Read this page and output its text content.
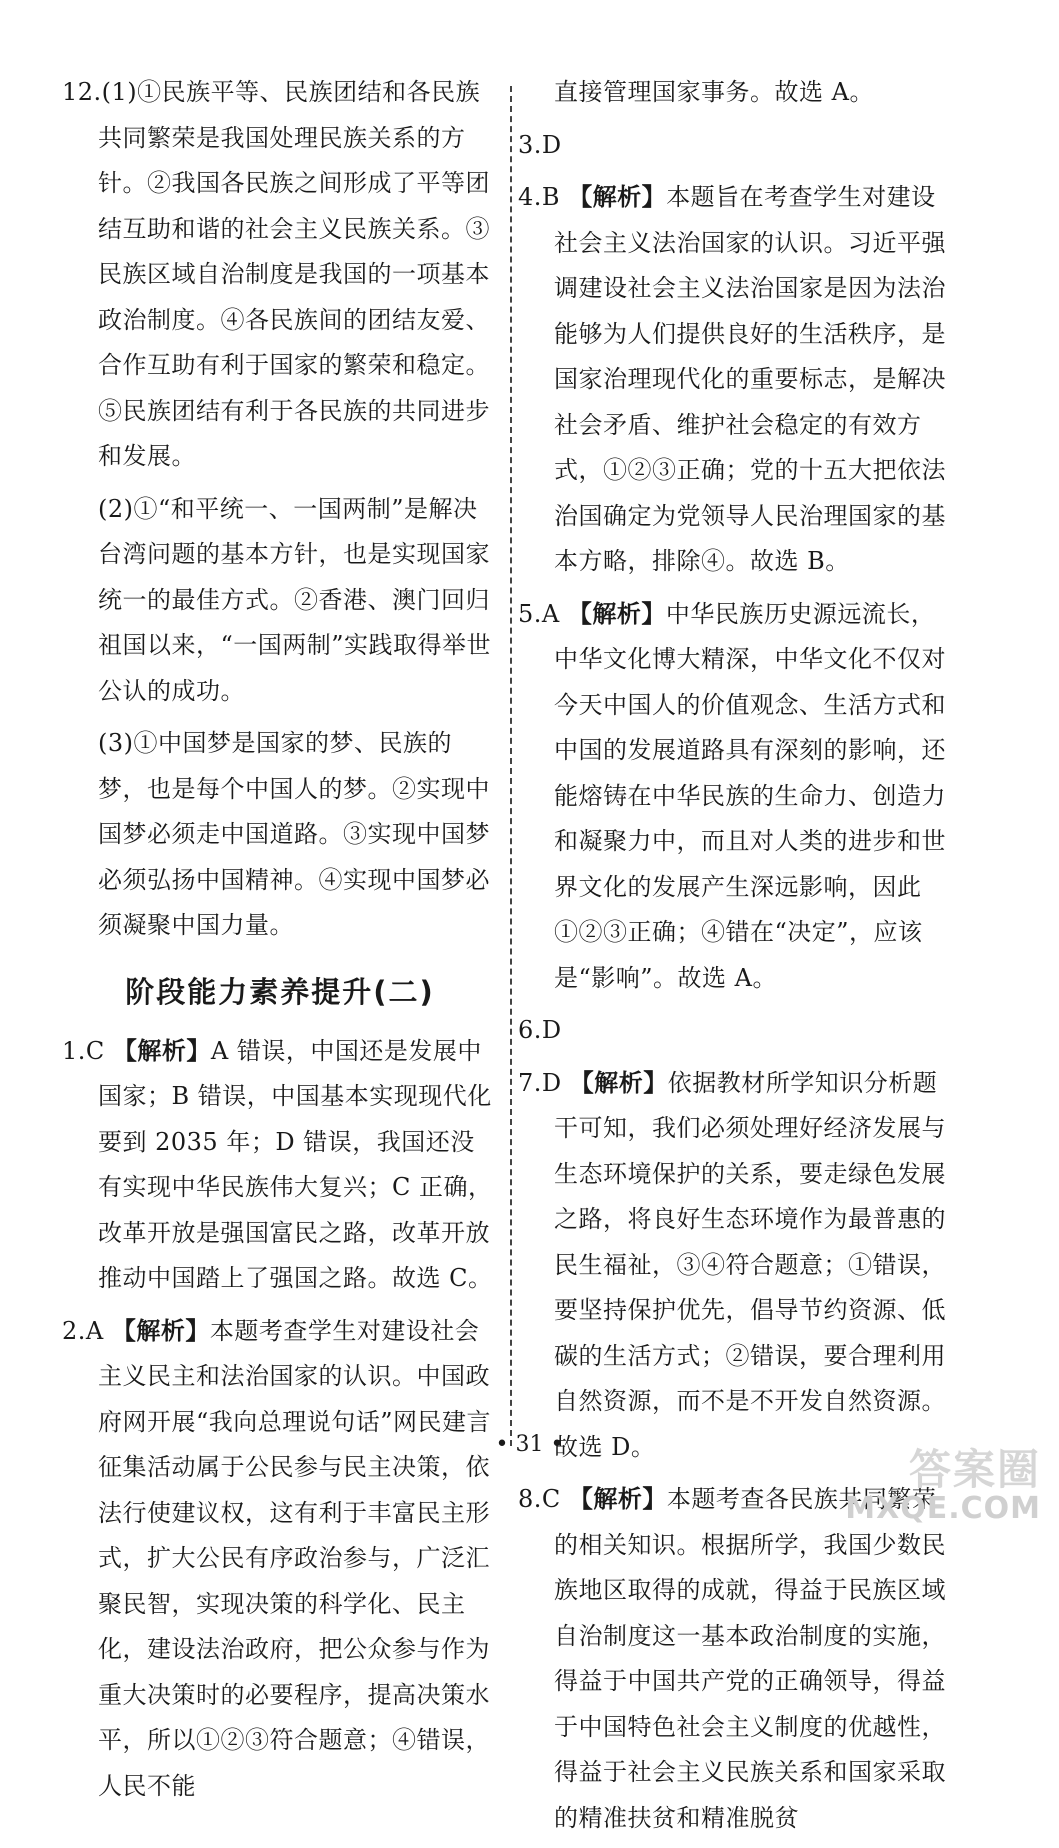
12.(1)①民族平等、民族团结和各民族共同繁荣是我国处理民族关系的方针。②我国各民族之间形成了平等团结互助和谐的社会主义民族关系。③民族区域自治制度是我国的一项基本政治制度。④各民族间的团结友爱、合作互助有利于国家的繁荣和稳定。⑤民族团结有利于各民族的共同进步和发展。
(2)①“和平统一、一国两制”是解决台湾问题的基本方针，也是实现国家统一的最佳方式。②香港、澳门回归祖国以来，“一国两制”实践取得举世公认的成功。
(3)①中国梦是国家的梦、民族的梦，也是每个中国人的梦。②实现中国梦必须走中国道路。③实现中国梦必须弘扬中国精神。④实现中国梦必须凝聚中国力量。
阶段能力素养提升(二)
1.C 【解析】A 错误，中国还是发展中国家；B 错误，中国基本实现现代化要到 2035 年；D 错误，我国还没有实现中华民族伟大复兴；C 正确，改革开放是强国富民之路，改革开放推动中国踏上了强国之路。故选 C。
2.A 【解析】本题考查学生对建设社会主义民主和法治国家的认识。中国政府网开展“我向总理说句话”网民建言征集活动属于公民参与民主决策，依法行使建议权，这有利于丰富民主形式，扩大公民有序政治参与，广泛汇聚民智，实现决策的科学化、民主化，建设法治政府，把公众参与作为重大决策时的必要程序，提高决策水平，所以①②③符合题意；④错误，人民不能
直接管理国家事务。故选 A。
3.D
4.B 【解析】本题旨在考查学生对建设社会主义法治国家的认识。习近平强调建设社会主义法治国家是因为法治能够为人们提供良好的生活秩序，是国家治理现代化的重要标志，是解决社会矛盾、维护社会稳定的有效方式，①②③正确；党的十五大把依法治国确定为党领导人民治理国家的基本方略，排除④。故选 B。
5.A 【解析】中华民族历史源远流长，中华文化博大精深，中华文化不仅对今天中国人的价值观念、生活方式和中国的发展道路具有深刻的影响，还能熔铸在中华民族的生命力、创造力和凝聚力中，而且对人类的进步和世界文化的发展产生深远影响，因此①②③正确；④错在“决定”，应该是“影响”。故选 A。
6.D
7.D 【解析】依据教材所学知识分析题干可知，我们必须处理好经济发展与生态环境保护的关系，要走绿色发展之路，将良好生态环境作为最普惠的民生福祉，③④符合题意；①错误，要坚持保护优先，倡导节约资源、低碳的生活方式；②错误，要合理利用自然资源，而不是不开发自然资源。故选 D。
8.C 【解析】本题考查各民族共同繁荣的相关知识。根据所学，我国少数民族地区取得的成就，得益于民族区域自治制度这一基本政治制度的实施，得益于中国共产党的正确领导，得益于中国特色社会主义制度的优越性，得益于社会主义民族关系和国家采取的精准扶贫和精准脱贫
• 31 •
答案圈
MXQE.COM
